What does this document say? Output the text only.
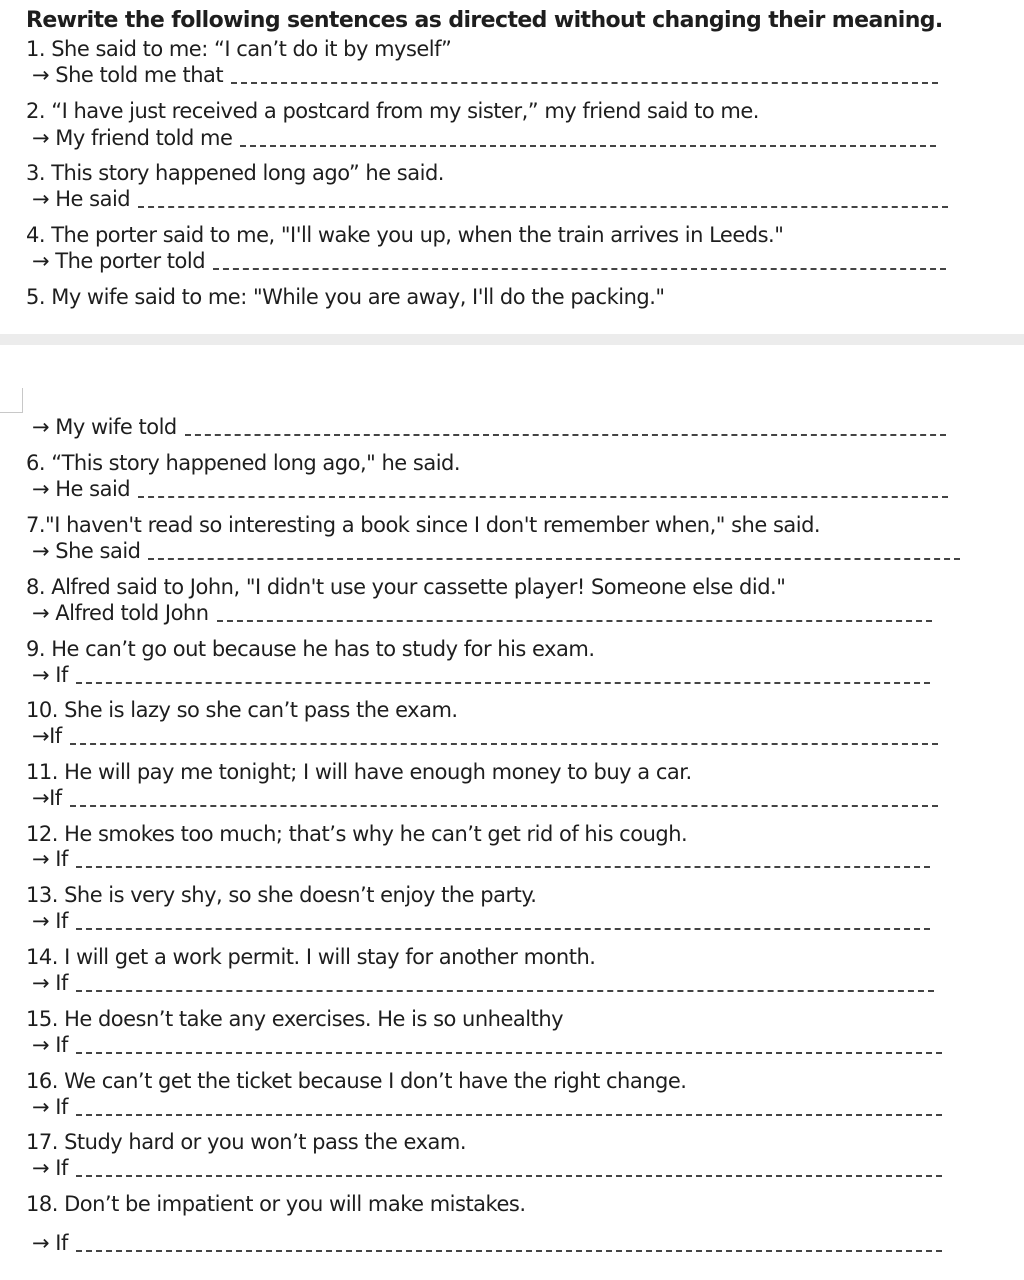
Rewrite the following sentences as directed without changing their meaning.
1. She said to me: “I can’t do it by myself”
→ She told me that
2. “I have just received a postcard from my sister,” my friend said to me.
→ My friend told me
3. This story happened long ago” he said.
→ He said
4. The porter said to me, "I'll wake you up, when the train arrives in Leeds."
→ The porter told
5. My wife said to me: "While you are away, I'll do the packing."
→ My wife told
6. “This story happened long ago," he said.
→ He said
7."I haven't read so interesting a book since I don't remember when," she said.
→ She said
8. Alfred said to John, "I didn't use your cassette player! Someone else did."
→ Alfred told John
9. He can’t go out because he has to study for his exam.
→ If
10. She is lazy so she can’t pass the exam.
→If
11. He will pay me tonight; I will have enough money to buy a car.
→If
12. He smokes too much; that’s why he can’t get rid of his cough.
→ If
13. She is very shy, so she doesn’t enjoy the party.
→ If
14. I will get a work permit. I will stay for another month.
→ If
15. He doesn’t take any exercises. He is so unhealthy
→ If
16. We can’t get the ticket because I don’t have the right change.
→ If
17. Study hard or you won’t pass the exam.
→ If
18. Don’t be impatient or you will make mistakes.
→ If
